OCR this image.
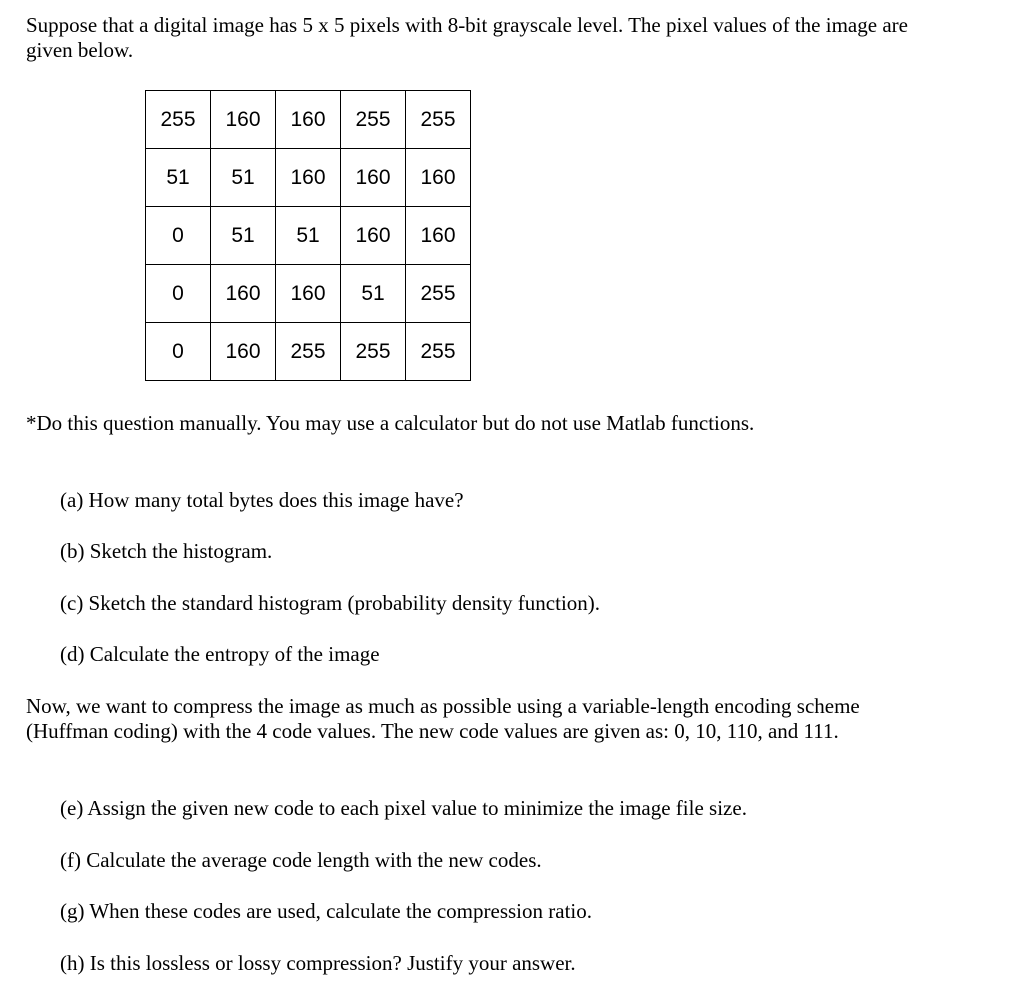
Suppose that a digital image has 5 x 5 pixels with 8-bit grayscale level. The pixel values of the image are given below.

255	160	160	255	255
51	51	160	160	160
0	51	51	160	160
0	160	160	51	255
0	160	255	255	255

*Do this question manually. You may use a calculator but do not use Matlab functions.

(a) How many total bytes does this image have?

(b) Sketch the histogram.

(c) Sketch the standard histogram (probability density function).

(d) Calculate the entropy of the image

Now, we want to compress the image as much as possible using a variable-length encoding scheme (Huffman coding) with the 4 code values. The new code values are given as: 0, 10, 110, and 111.

(e) Assign the given new code to each pixel value to minimize the image file size.

(f) Calculate the average code length with the new codes.

(g) When these codes are used, calculate the compression ratio.

(h) Is this lossless or lossy compression? Justify your answer.
